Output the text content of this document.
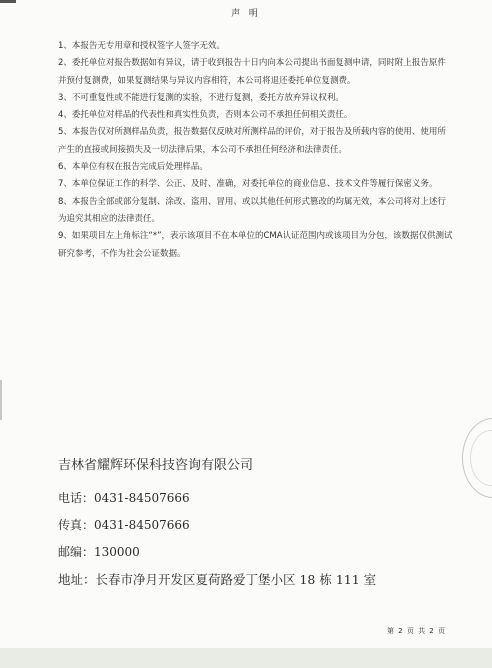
声 明

1、本报告无专用章和授权签字人签字无效。

2、委托单位对报告数据如有异议，请于收到报告十日内向本公司提出书面复测申请，同时附上报告原件并预付复测费，如果复测结果与异议内容相符，本公司将退还委托单位复测费。

3、不可重复性或不能进行复测的实验，不进行复测，委托方放弃异议权利。

4、委托单位对样品的代表性和真实性负责，否则本公司不承担任何相关责任。

5、本报告仅对所测样品负责，报告数据仅反映对所测样品的评价，对于报告及所载内容的使用、使用所产生的直接或间接损失及一切法律后果，本公司不承担任何经济和法律责任。

6、本单位有权在报告完成后处理样品。

7、本单位保证工作的科学、公正、及时、准确，对委托单位的商业信息、技术文件等履行保密义务。

8、本报告全部或部分复制、涂改、盗用、冒用、或以其他任何形式篡改的均属无效，本公司将对上述行为追究其相应的法律责任。

9、如果项目左上角标注“*”，表示该项目不在本单位的CMA认证范围内或该项目为分包，该数据仅供测试研究参考，不作为社会公证数据。

吉林省耀辉环保科技咨询有限公司
电话：0431-84507666
传真：0431-84507666
邮编：130000
地址：长春市净月开发区夏荷路爱丁堡小区 18 栋 111 室
第 2 页 共 2 页
